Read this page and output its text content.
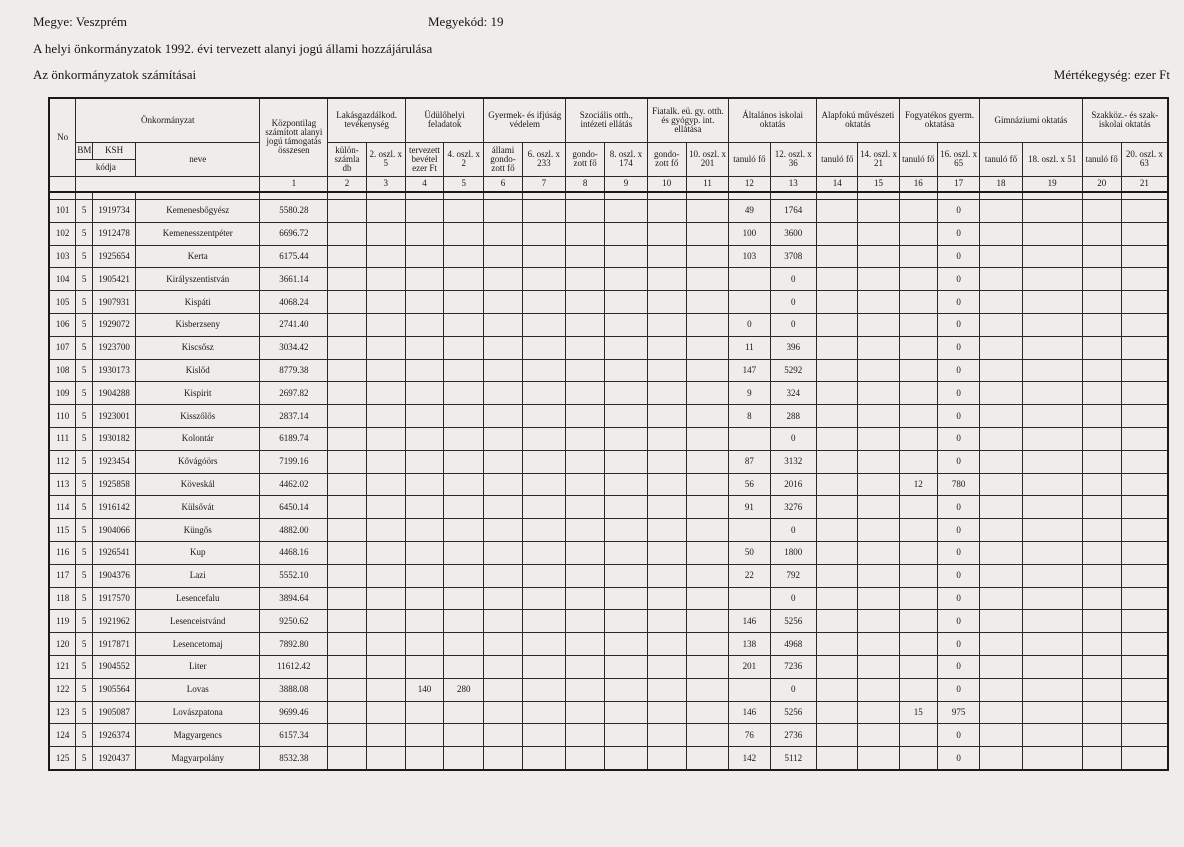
Megye: Veszprém	Megyekód: 19
A helyi önkormányzatok 1992. évi tervezett alanyi jogú állami hozzájárulása
Az önkormányzatok számításai	Mértékegység: ezer Ft
No	Önkormányzat			Központilag számított alanyi jogú támogatás összesen	Lakásgazdálkod. tevékenység		Üdülőhelyi feladatok		Gyermek- és ifjúság védelem		Szociális otth., intézeti ellátás		Fiatalk. eü. gy. otth. és gyógyp. int. ellátása		Általános iskolai oktatás		Alapfokú művészeti oktatás		Fogyatékos gyerm. oktatása		Gimnáziumi oktatás		Szakköz.- és szak-iskolai oktatás	
	BM	KSH	neve		külön-számla db	2. oszl. x 5	tervezett bevétel ezer Ft	4. oszl. x 2	állami gondo-zott fő	6. oszl. x 233	gondo-zott fő	8. oszl. x 174	gondo-zott fő	10. oszl. x 201	tanuló fő	12. oszl. x 36	tanuló fő	14. oszl. x 21	tanuló fő	16. oszl. x 65	tanuló fő	18. oszl. x 51	tanuló fő	20. oszl. x 63
	kódja																							
				1	2	3	4	5	6	7	8	9	10	11	12	13	14	15	16	17	18	19	20	21

101	5	1919734	Kemenesbőgyész	5580.28											49	1764				0				
102	5	1912478	Kemenesszentpéter	6696.72											100	3600				0				
103	5	1925654	Kerta	6175.44											103	3708				0				
104	5	1905421	Királyszentistván	3661.14												0				0				
105	5	1907931	Kispáti	4068.24												0				0				
106	5	1929072	Kisberzseny	2741.40											0	0				0				
107	5	1923700	Kiscsősz	3034.42											11	396				0				
108	5	1930173	Kislőd	8779.38											147	5292				0				
109	5	1904288	Kispirit	2697.82											9	324				0				
110	5	1923001	Kisszőlős	2837.14											8	288				0				
111	5	1930182	Kolontár	6189.74												0				0				
112	5	1923454	Kővágóörs	7199.16											87	3132				0				
113	5	1925858	Köveskál	4462.02											56	2016			12	780				
114	5	1916142	Külsővát	6450.14											91	3276				0				
115	5	1904066	Küngős	4882.00												0				0				
116	5	1926541	Kup	4468.16											50	1800				0				
117	5	1904376	Lazi	5552.10											22	792				0				
118	5	1917570	Lesencefalu	3894.64												0				0				
119	5	1921962	Lesenceistvánd	9250.62											146	5256				0				
120	5	1917871	Lesencetomaj	7892.80											138	4968				0				
121	5	1904552	Liter	11612.42											201	7236				0				
122	5	1905564	Lovas	3888.08			140	280								0				0				
123	5	1905087	Lovászpatona	9699.46											146	5256			15	975				
124	5	1926374	Magyargencs	6157.34											76	2736				0				
125	5	1920437	Magyarpolány	8532.38											142	5112				0				
